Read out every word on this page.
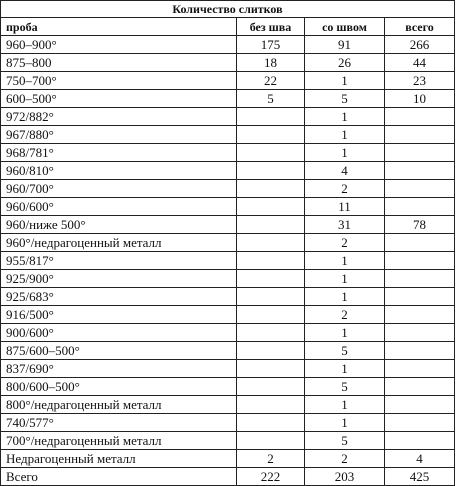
Количество слитков			
проба	без шва	со швом	всего
960–900°	175	91	266
875–800	18	26	44
750–700°	22	1	23
600–500°	5	5	10
972/882°		1	
967/880°		1	
968/781°		1	
960/810°		4	
960/700°		2	
960/600°		11	
960/ниже 500°		31	78
960°/недрагоценный металл		2	
955/817°		1	
925/900°		1	
925/683°		1	
916/500°		2	
900/600°		1	
875/600–500°		5	
837/690°		1	
800/600–500°		5	
800°/недрагоценный металл		1	
740/577°		1	
700°/недрагоценный металл		5	
Недрагоценный металл	2	2	4
Всего	222	203	425
